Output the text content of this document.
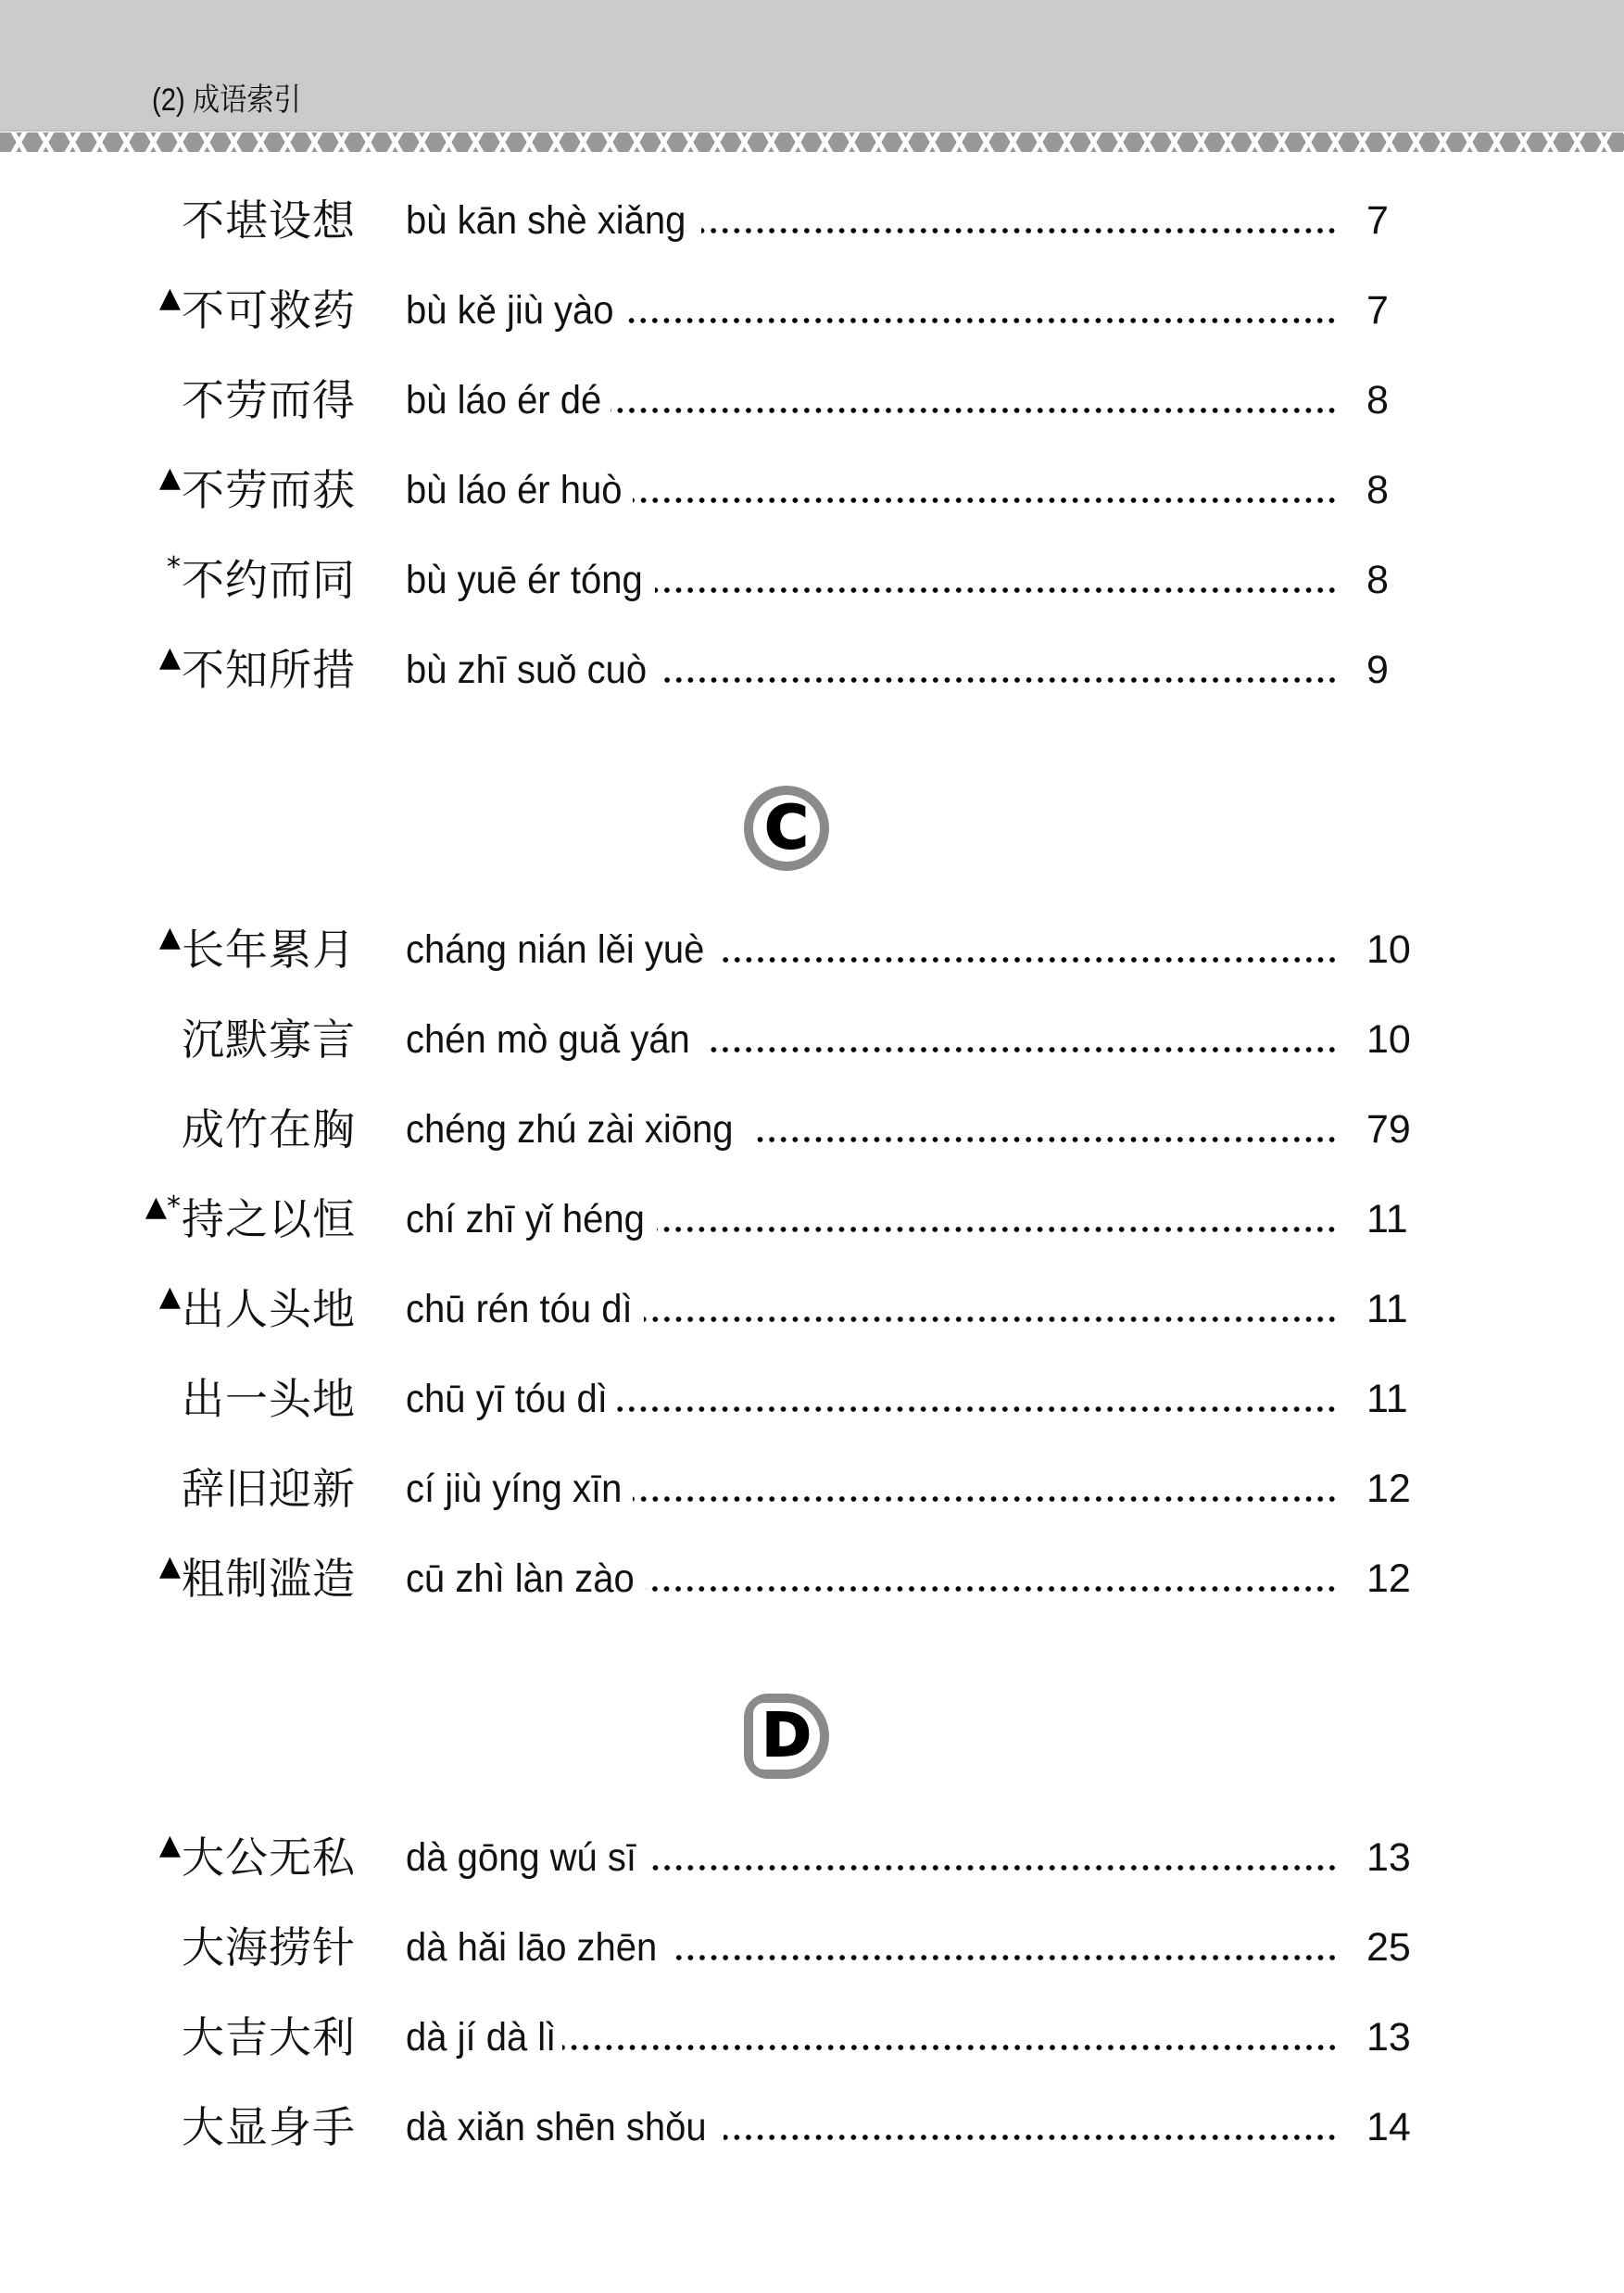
(2) 成语索引
不堪设想 bù kān shè xiǎng	7
▲ 不可救药 bù kě jiù yào	7
不劳而得 bù láo ér dé	8
▲ 不劳而获 bù láo ér huò	8
* 不约而同 bù yuē ér tóng	8
▲ 不知所措 bù zhī suǒ cuò	9
C
▲ 长年累月 cháng nián lěi yuè	10
沉默寡言 chén mò guǎ yán	10
成竹在胸 chéng zhú zài xiōng	79
▲* 持之以恒 chí zhī yǐ héng	11
▲ 出人头地 chū rén tóu dì	11
出一头地 chū yī tóu dì	11
辞旧迎新 cí jiù yíng xīn	12
▲ 粗制滥造 cū zhì làn zào	12
D
▲ 大公无私 dà gōng wú sī	13
大海捞针 dà hǎi lāo zhēn	25
大吉大利 dà jí dà lì	13
大显身手 dà xiǎn shēn shǒu	14
